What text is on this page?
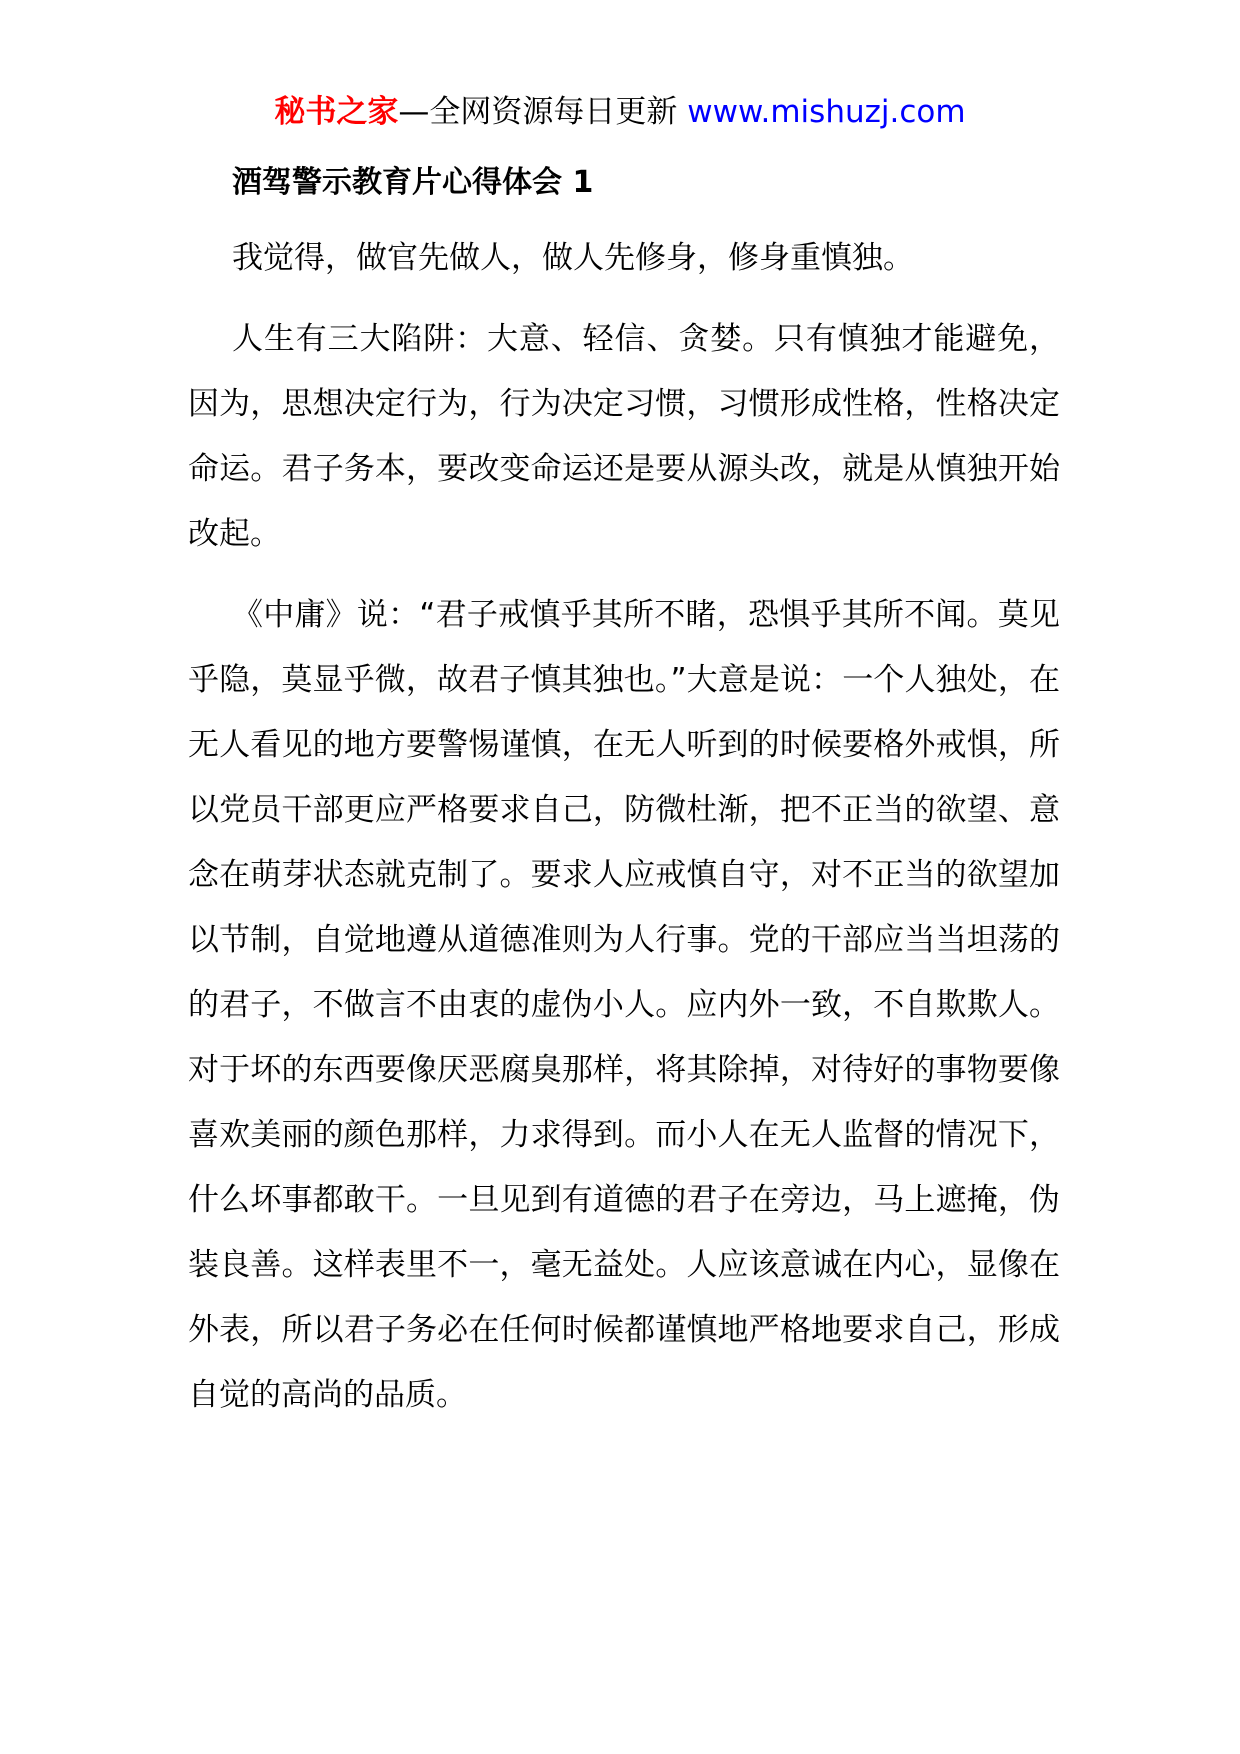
秘书之家—全网资源每日更新 www.mishuzj.com
酒驾警示教育片心得体会 1

我觉得，做官先做人，做人先修身，修身重慎独。

人生有三大陷阱：大意、轻信、贪婪。只有慎独才能避免，因为，思想决定行为，行为决定习惯，习惯形成性格，性格决定命运。君子务本，要改变命运还是要从源头改，就是从慎独开始改起。

《中庸》说：“君子戒慎乎其所不睹，恐惧乎其所不闻。莫见乎隐，莫显乎微，故君子慎其独也。”大意是说：一个人独处，在无人看见的地方要警惕谨慎，在无人听到的时候要格外戒惧，所以党员干部更应严格要求自己，防微杜渐，把不正当的欲望、意念在萌芽状态就克制了。要求人应戒慎自守，对不正当的欲望加以节制，自觉地遵从道德准则为人行事。党的干部应当当坦荡的的君子，不做言不由衷的虚伪小人。应内外一致，不自欺欺人。对于坏的东西要像厌恶腐臭那样，将其除掉，对待好的事物要像喜欢美丽的颜色那样，力求得到。而小人在无人监督的情况下，什么坏事都敢干。一旦见到有道德的君子在旁边，马上遮掩，伪装良善。这样表里不一，毫无益处。人应该意诚在内心，显像在外表，所以君子务必在任何时候都谨慎地严格地要求自己，形成自觉的高尚的品质。
